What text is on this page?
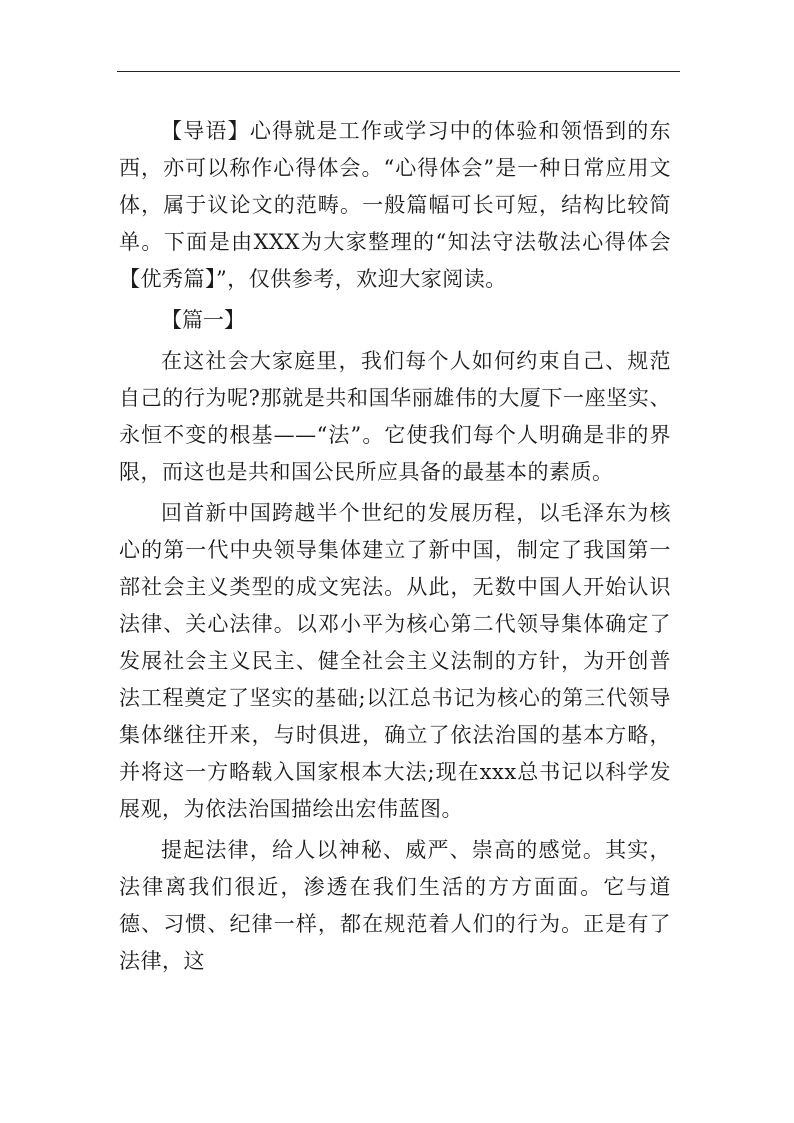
【导语】心得就是工作或学习中的体验和领悟到的东西，亦可以称作心得体会。“心得体会”是一种日常应用文体，属于议论文的范畴。一般篇幅可长可短，结构比较简单。下面是由XXX为大家整理的“知法守法敬法心得体会【优秀篇】”，仅供参考，欢迎大家阅读。

【篇一】

在这社会大家庭里，我们每个人如何约束自己、规范自己的行为呢?那就是共和国华丽雄伟的大厦下一座坚实、永恒不变的根基——“法”。它使我们每个人明确是非的界限，而这也是共和国公民所应具备的最基本的素质。

回首新中国跨越半个世纪的发展历程，以毛泽东为核心的第一代中央领导集体建立了新中国，制定了我国第一部社会主义类型的成文宪法。从此，无数中国人开始认识法律、关心法律。以邓小平为核心第二代领导集体确定了发展社会主义民主、健全社会主义法制的方针，为开创普法工程奠定了坚实的基础;以江总书记为核心的第三代领导集体继往开来，与时俱进，确立了依法治国的基本方略，并将这一方略载入国家根本大法;现在xxx总书记以科学发展观，为依法治国描绘出宏伟蓝图。

提起法律，给人以神秘、威严、崇高的感觉。其实，法律离我们很近，渗透在我们生活的方方面面。它与道德、习惯、纪律一样，都在规范着人们的行为。正是有了法律，这
